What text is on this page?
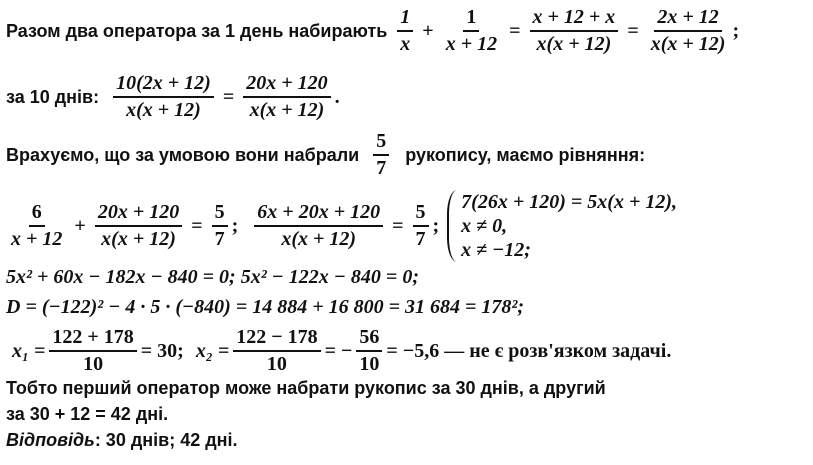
Разом два оператора за 1 день набирають $\frac{1}{x} + \frac{1}{x + 12} = \frac{x + 12 + x}{x(x + 12)} = \frac{2x + 12}{x(x + 12)}$ ;
за 10 днів: $\frac{10(2x + 12)}{x(x + 12)} = \frac{20x + 120}{x(x + 12)}$ .
Врахуємо, що за умовою вони набрали $\frac{5}{7}$ рукопису, маємо рівняння:
$\frac{6}{x + 12} + \frac{20x + 120}{x(x + 12)} = \frac{5}{7}$ ; $\frac{6x + 20x + 120}{x(x + 12)} = \frac{5}{7}$ ;
7(26x + 120) = 5x(x + 12),
x ≠ 0,
x ≠ −12;
5x² + 60x − 182x − 840 = 0; 5x² − 122x − 840 = 0;
D = (−122)² − 4 · 5 · (−840) = 14 884 + 16 800 = 31 684 = 178²;
$x_1 = \frac{122 + 178}{10} = 30$; $x_2 = \frac{122 - 178}{10}$ = − $\frac{56}{10} = -5,6$ — не є розв'язком задачі.
Тобто перший оператор може набрати рукопис за 30 днів, а другий
за 30 + 12 = 42 дні.
Відповідь : 30 днів; 42 дні.
